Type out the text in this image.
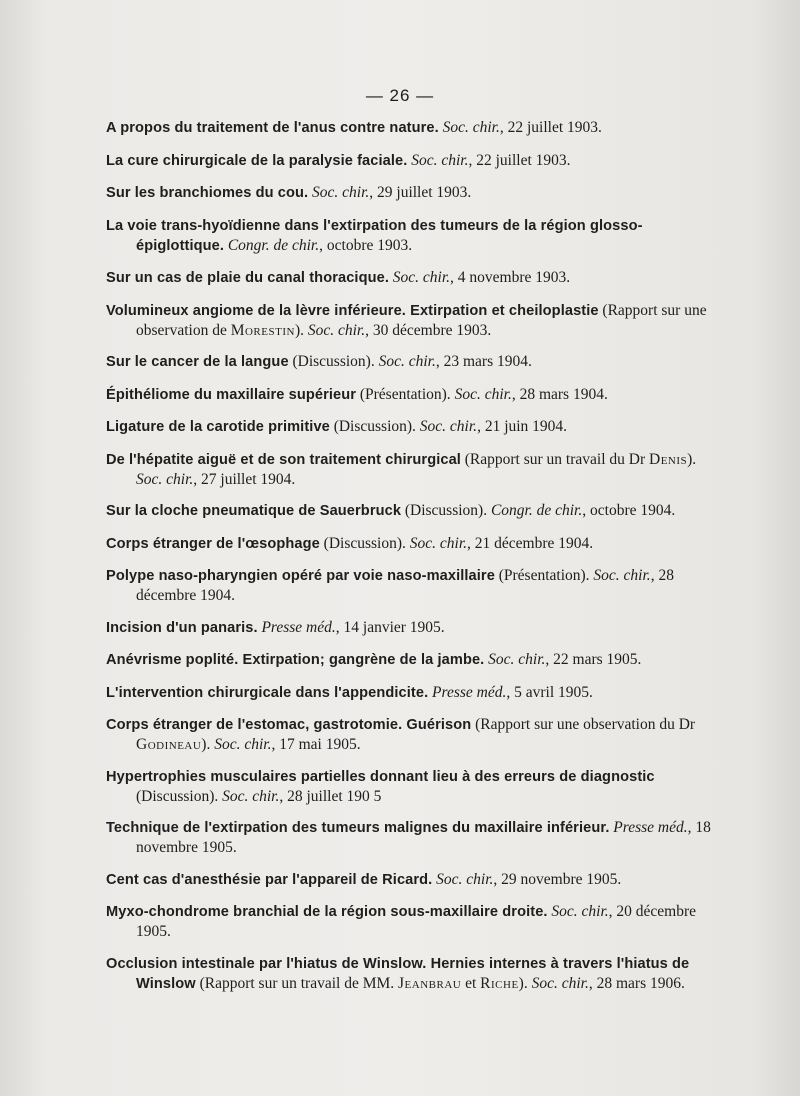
— 26 —
A propos du traitement de l'anus contre nature. Soc. chir., 22 juillet 1903.
La cure chirurgicale de la paralysie faciale. Soc. chir., 22 juillet 1903.
Sur les branchiomes du cou. Soc. chir., 29 juillet 1903.
La voie trans-hyoïdienne dans l'extirpation des tumeurs de la région glosso-épiglottique. Congr. de chir., octobre 1903.
Sur un cas de plaie du canal thoracique. Soc. chir., 4 novembre 1903.
Volumineux angiome de la lèvre inférieure. Extirpation et cheiloplastie (Rapport sur une observation de Morestin). Soc. chir., 30 décembre 1903.
Sur le cancer de la langue (Discussion). Soc. chir., 23 mars 1904.
Épithéliome du maxillaire supérieur (Présentation). Soc. chir., 28 mars 1904.
Ligature de la carotide primitive (Discussion). Soc. chir., 21 juin 1904.
De l'hépatite aiguë et de son traitement chirurgical (Rapport sur un travail du Dr Denis). Soc. chir., 27 juillet 1904.
Sur la cloche pneumatique de Sauerbruck (Discussion). Congr. de chir., octobre 1904.
Corps étranger de l'œsophage (Discussion). Soc. chir., 21 décembre 1904.
Polype naso-pharyngien opéré par voie naso-maxillaire (Présentation). Soc. chir., 28 décembre 1904.
Incision d'un panaris. Presse méd., 14 janvier 1905.
Anévrisme poplité. Extirpation; gangrène de la jambe. Soc. chir., 22 mars 1905.
L'intervention chirurgicale dans l'appendicite. Presse méd., 5 avril 1905.
Corps étranger de l'estomac, gastrotomie. Guérison (Rapport sur une observation du Dr Godineau). Soc. chir., 17 mai 1905.
Hypertrophies musculaires partielles donnant lieu à des erreurs de diagnostic (Discussion). Soc. chir., 28 juillet 190 5
Technique de l'extirpation des tumeurs malignes du maxillaire inférieur. Presse méd., 18 novembre 1905.
Cent cas d'anesthésie par l'appareil de Ricard. Soc. chir., 29 novembre 1905.
Myxo-chondrome branchial de la région sous-maxillaire droite. Soc. chir., 20 décembre 1905.
Occlusion intestinale par l'hiatus de Winslow. Hernies internes à travers l'hiatus de Winslow (Rapport sur un travail de MM. Jeanbrau et Riche). Soc. chir., 28 mars 1906.
